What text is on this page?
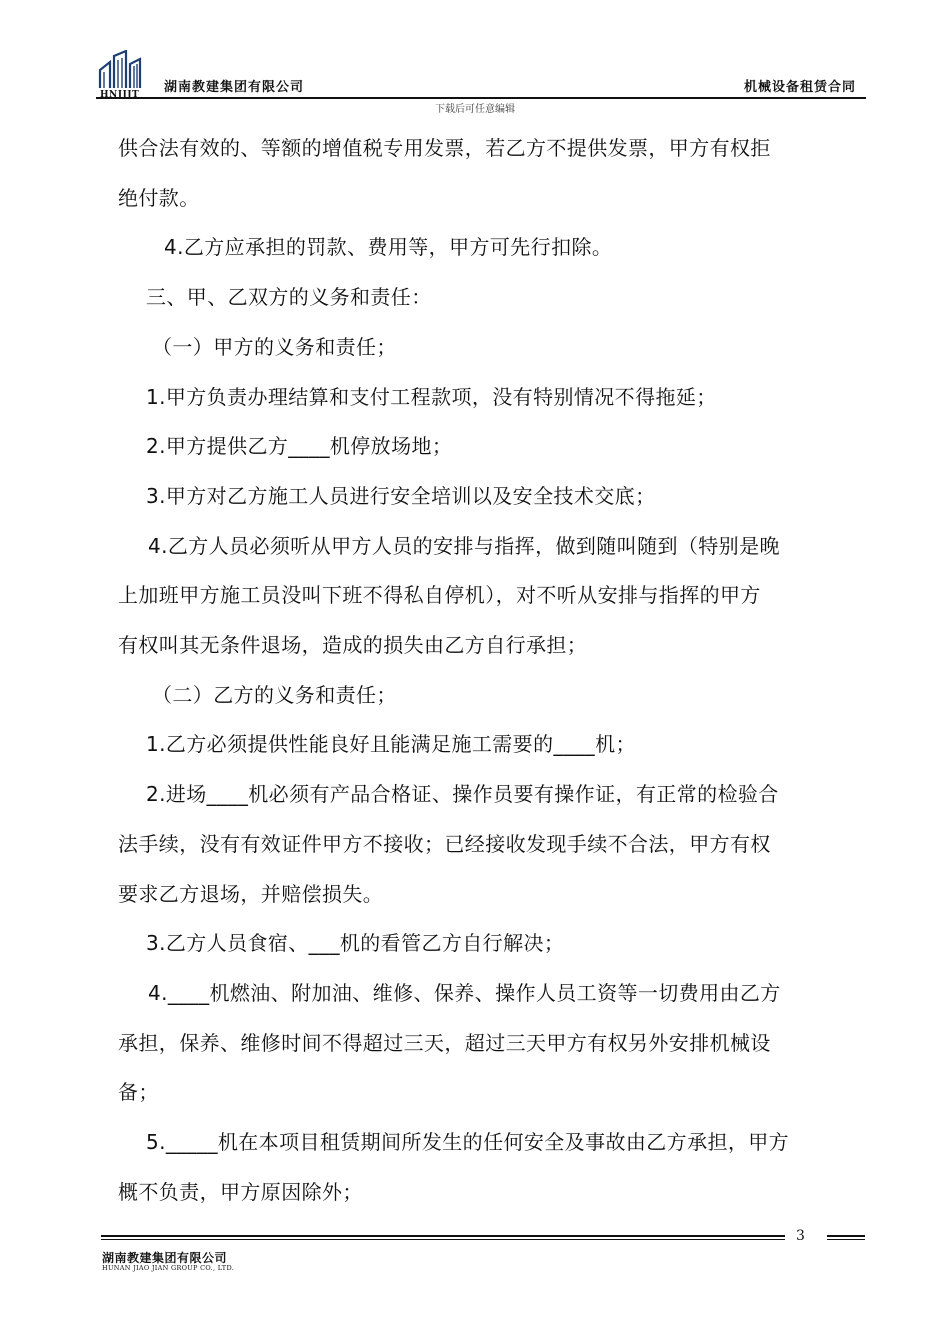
HNJJJT 湖南教建集团有限公司	机械设备租赁合同
下载后可任意编辑

供合法有效的、等额的增值税专用发票，若乙方不提供发票，甲方有权拒

绝付款。

4.乙方应承担的罚款、费用等，甲方可先行扣除。

三、甲、乙双方的义务和责任：

（一）甲方的义务和责任；

1.甲方负责办理结算和支付工程款项，没有特别情况不得拖延；

2.甲方提供乙方____机停放场地；

3.甲方对乙方施工人员进行安全培训以及安全技术交底；

4.乙方人员必须听从甲方人员的安排与指挥，做到随叫随到（特别是晚

上加班甲方施工员没叫下班不得私自停机），对不听从安排与指挥的甲方

有权叫其无条件退场，造成的损失由乙方自行承担；

（二）乙方的义务和责任；

1.乙方必须提供性能良好且能满足施工需要的____机；

2.进场____机必须有产品合格证、操作员要有操作证，有正常的检验合

法手续，没有有效证件甲方不接收；已经接收发现手续不合法，甲方有权

要求乙方退场，并赔偿损失。

3.乙方人员食宿、___机的看管乙方自行解决；

4.____机燃油、附加油、维修、保养、操作人员工资等一切费用由乙方

承担，保养、维修时间不得超过三天，超过三天甲方有权另外安排机械设

备；

5._____机在本项目租赁期间所发生的任何安全及事故由乙方承担，甲方

概不负责，甲方原因除外；

3
湖南教建集团有限公司
HUNAN JIAO JIAN GROUP CO., LTD.
